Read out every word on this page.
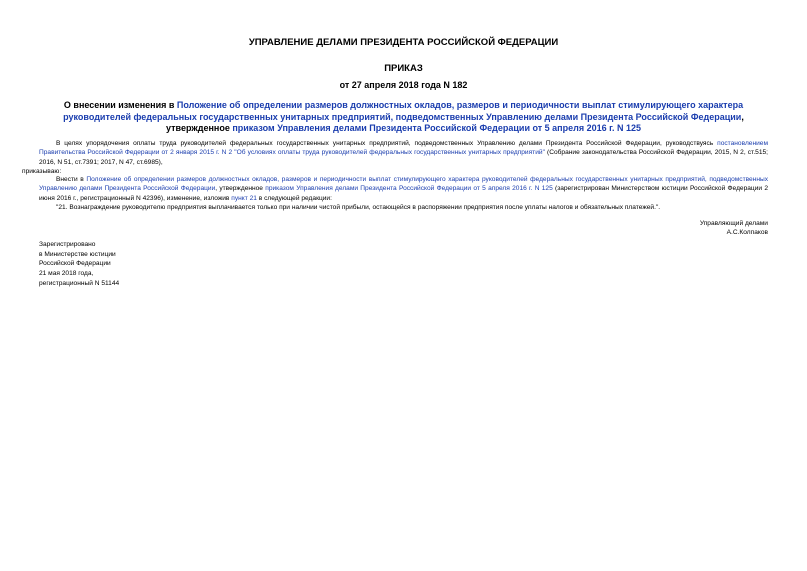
УПРАВЛЕНИЕ ДЕЛАМИ ПРЕЗИДЕНТА РОССИЙСКОЙ ФЕДЕРАЦИИ
ПРИКАЗ
от 27 апреля 2018 года N 182
О внесении изменения в Положение об определении размеров должностных окладов, размеров и периодичности выплат стимулирующего характера руководителей федеральных государственных унитарных предприятий, подведомственных Управлению делами Президента Российской Федерации, утвержденное приказом Управления делами Президента Российской Федерации от 5 апреля 2016 г. N 125
В целях упорядочения оплаты труда руководителей федеральных государственных унитарных предприятий, подведомственных Управлению делами Президента Российской Федерации, руководствуясь постановлением Правительства Российской Федерации от 2 января 2015 г. N 2 "Об условиях оплаты труда руководителей федеральных государственных унитарных предприятий" (Собрание законодательства Российской Федерации, 2015, N 2, ст.515; 2016, N 51, ст.7391; 2017, N 47, ст.6985),
приказываю:
Внести в Положение об определении размеров должностных окладов, размеров и периодичности выплат стимулирующего характера руководителей федеральных государственных унитарных предприятий, подведомственных Управлению делами Президента Российской Федерации, утвержденное приказом Управления делами Президента Российской Федерации от 5 апреля 2016 г. N 125 (зарегистрирован Министерством юстиции Российской Федерации 2 июня 2016 г., регистрационный N 42396), изменение, изложив пункт 21 в следующей редакции:
"21. Вознаграждение руководителю предприятия выплачивается только при наличии чистой прибыли, остающейся в распоряжении предприятия после уплаты налогов и обязательных платежей.".
Управляющий делами
А.С.Колпаков
Зарегистрировано
в Министерстве юстиции
Российской Федерации
21 мая 2018 года,
регистрационный N 51144
